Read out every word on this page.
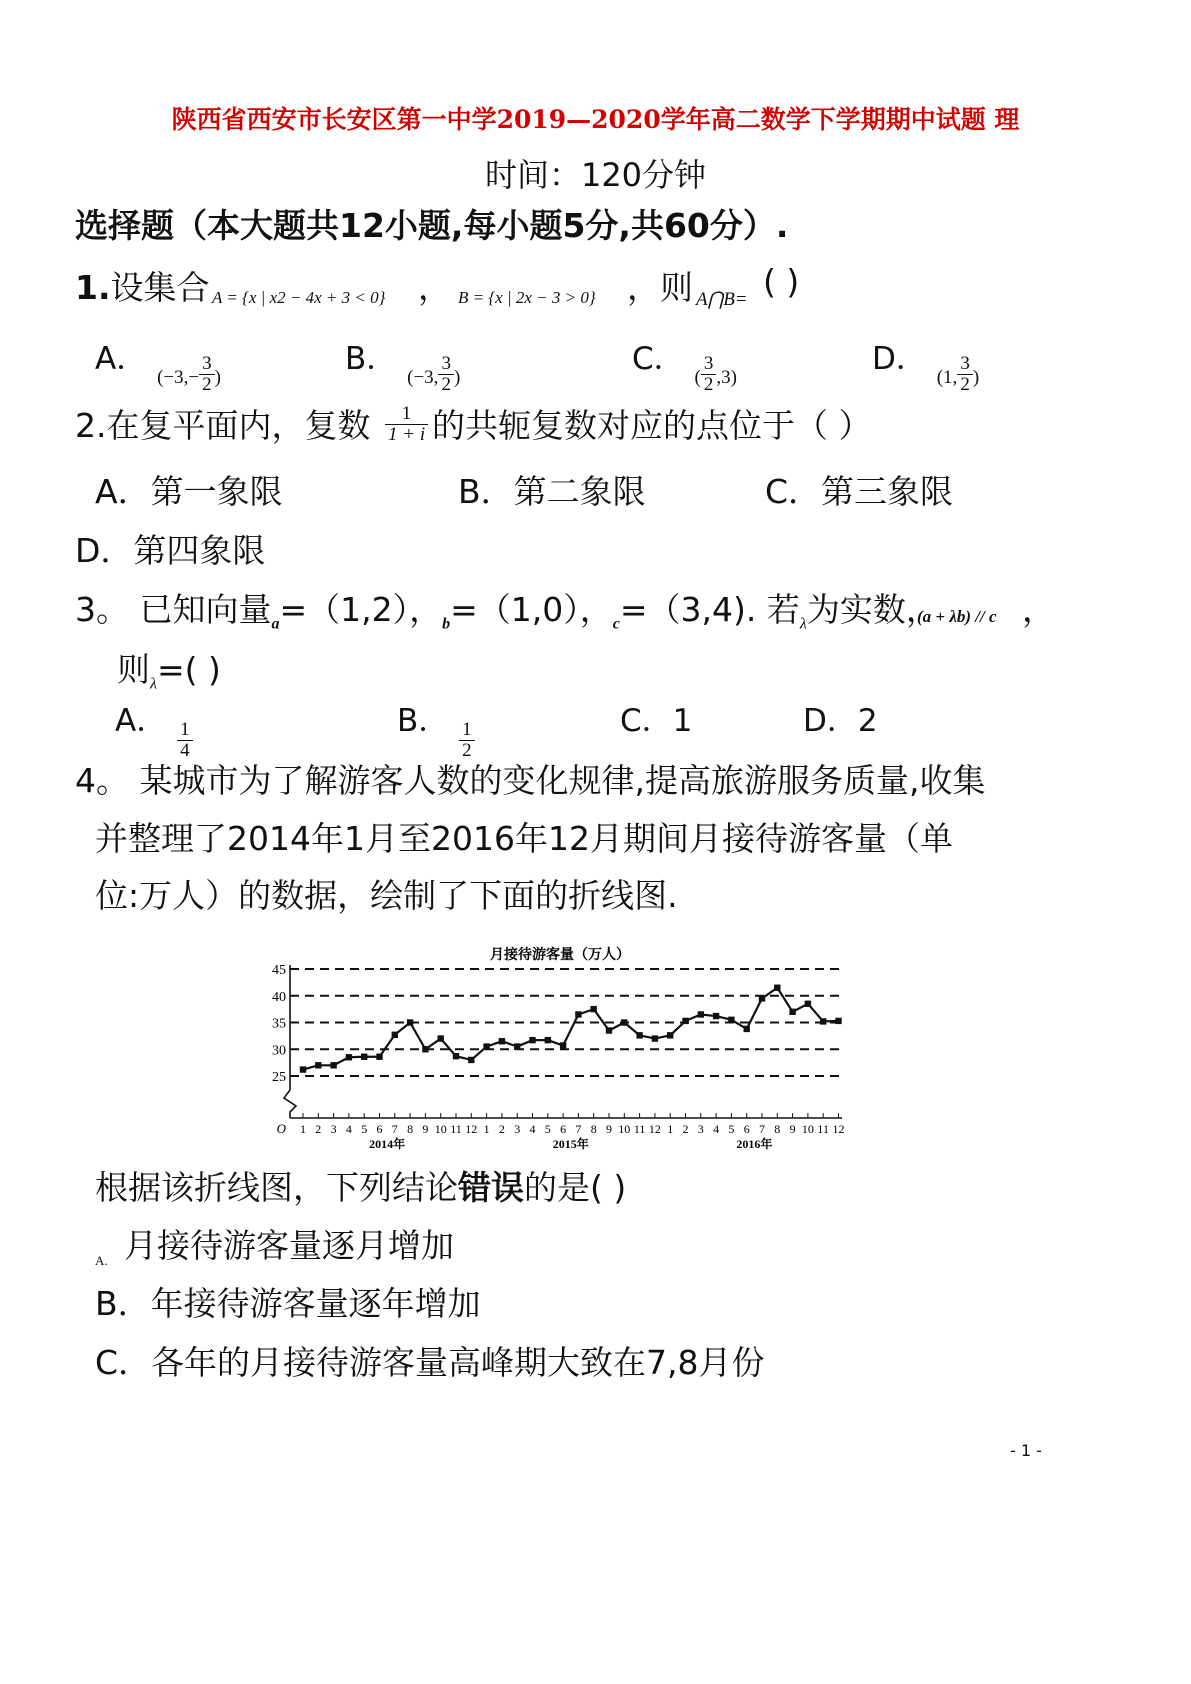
陕西省西安市长安区第一中学2019—2020学年高二数学下学期期中试题 理
时间：120分钟
选择题（本大题共12小题,每小题5分,共60分）.
1.设集合 A = {x | x2 − 4x + 3 < 0} ， B = {x | 2x − 3 > 0} ，则 A⋂B= ( )
A． ($-3,- \frac{3}{2}$ )
B． (−3, $\frac{3}{2}$ )
C． ( $\frac{3}{2} ,3$)
D． (1, $\frac{3}{2}$ )
2.在复平面内，复数 $\frac{1}{1 + i}$ 的共轭复数对应的点位于（ ）
A．第一象限	B．第二象限	C．第三象限
D．第四象限
3。 已知向量$_a$=（1,2），$_b$=（1,0），$_c$=（3,4). 若$_\lambda$为实数，
(a + λb) // c ，
则$_\lambda$=( )
A． $\frac{1}{4}$	B． $\frac{1}{2}$	C．1	D．2
4。 某城市为了解游客人数的变化规律,提高旅游服务质量,收集
并整理了2014年1月至2016年12月期间月接待游客量（单
位:万人）的数据，绘制了下面的折线图.
月接待游客量（万人）
O
25
30
35
40
45
1 2 3 4 5 6 7 8 9 10 11 12 1 2 3 4 5 6 7 8 9 10 11 12 1 2 3 4 5 6 7 8 9 10 11 12
2014年	2015年	2016年
根据该折线图，下列结论错误的是( )
A. 月接待游客量逐月增加
B．年接待游客量逐年增加
C．各年的月接待游客量高峰期大致在7,8月份
- 1 -
